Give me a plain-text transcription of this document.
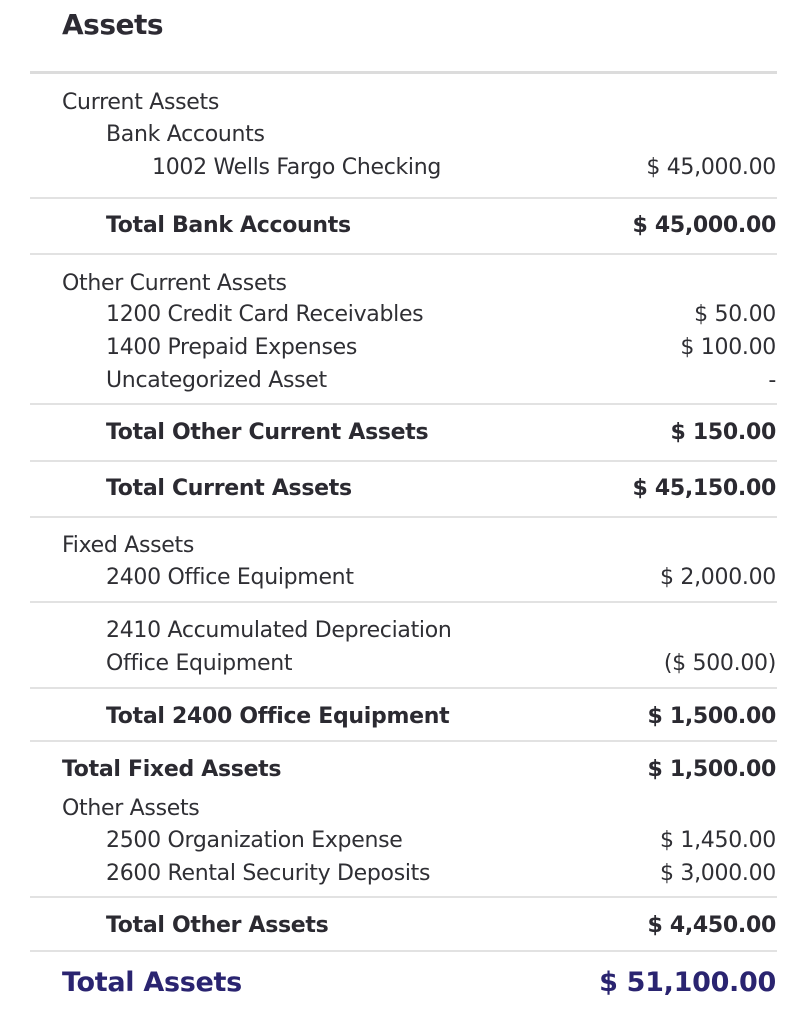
Assets
Current Assets
Bank Accounts
1002 Wells Fargo Checking	$ 45,000.00
Total Bank Accounts	$ 45,000.00
Other Current Assets
1200 Credit Card Receivables	$ 50.00
1400 Prepaid Expenses	$ 100.00
Uncategorized Asset	-
Total Other Current Assets	$ 150.00
Total Current Assets	$ 45,150.00
Fixed Assets
2400 Office Equipment	$ 2,000.00
2410 Accumulated Depreciation
Office Equipment	($ 500.00)
Total 2400 Office Equipment	$ 1,500.00
Total Fixed Assets	$ 1,500.00
Other Assets
2500 Organization Expense	$ 1,450.00
2600 Rental Security Deposits	$ 3,000.00
Total Other Assets	$ 4,450.00
Total Assets	$ 51,100.00
